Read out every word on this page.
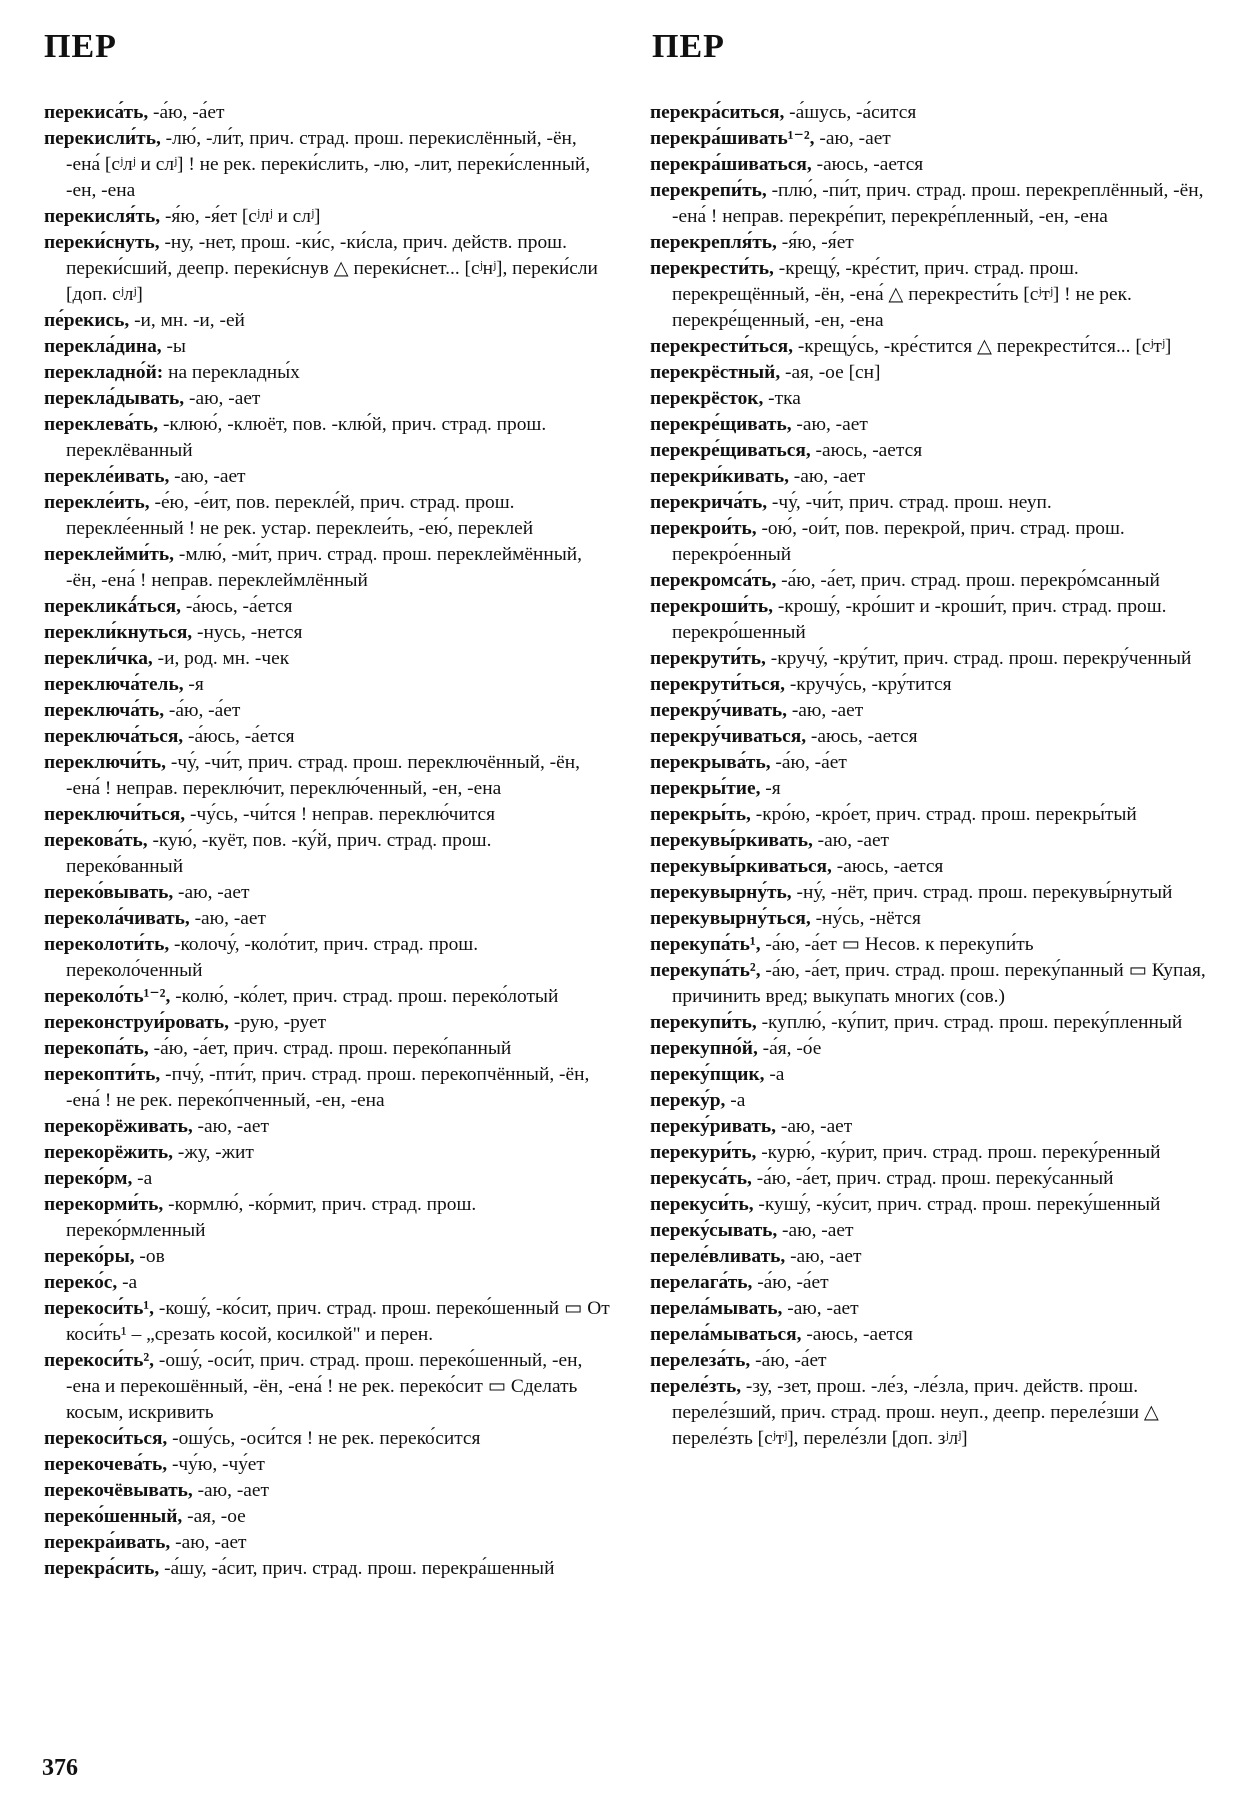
ПЕР	ПЕР

перекиса́ть, -а́ю, -а́ет

перекисли́ть, -лю́, -ли́т, прич. страд. прош. перекислённый, -ён, -ена́ [сʲлʲ и слʲ] ! не рек. переки́слить, -лю, -лит, переки́сленный, -ен, -ена

перекисля́ть, -я́ю, -я́ет [сʲлʲ и слʲ]

переки́снуть, -ну, -нет, прош. -ки́с, -ки́сла, прич. действ. прош. переки́сший, деепр. переки́снув △ переки́снет... [сʲнʲ], переки́сли [доп. сʲлʲ]

пе́рекись, -и, мн. -и, -ей

перекла́дина, -ы

перекладно́й: на перекладны́х

перекла́дывать, -аю, -ает

переклева́ть, -клюю́, -клюёт, пов. -клю́й, прич. страд. прош. переклёванный

перекле́ивать, -аю, -ает

перекле́ить, -е́ю, -е́ит, пов. перекле́й, прич. страд. прош. перекле́енный ! не рек. устар. переклеи́ть, -ею́, переклей

переклейми́ть, -млю́, -ми́т, прич. страд. прош. переклеймённый, -ён, -ена́ ! неправ. переклеймлённый

перекликá́ться, -а́юсь, -а́ется

перекли́кнуться, -нусь, -нется

перекли́чка, -и, род. мн. -чек

переключа́тель, -я

переключа́ть, -а́ю, -а́ет

переключа́ться, -а́юсь, -а́ется

переключи́ть, -чу́, -чи́т, прич. страд. прош. переключённый, -ён, -ена́ ! неправ. переклю́чит, переклю́ченный, -ен, -ена

переключи́ться, -чу́сь, -чи́тся ! неправ. переклю́чится

перекова́ть, -кую́, -куёт, пов. -ку́й, прич. страд. прош. перeко́ванный

переко́вывать, -аю, -ает

перекола́чивать, -аю, -ает

переколоти́ть, -колочу́, -коло́тит, прич. страд. прош. переколо́ченный

переколо́ть¹⁻², -колю́, -ко́лет, прич. страд. прош. перeко́лотый

переконструи́ровать, -рую, -рует

перекопа́ть, -а́ю, -а́ет, прич. страд. прош. перeко́панный

перекопти́ть, -пчу́, -пти́т, прич. страд. прош. перекопчённый, -ён, -ена́ ! не рек. перeко́пченный, -ен, -ена

перекорёживать, -аю, -ает

перекорёжить, -жу, -жит

переко́рм, -а

перекорми́ть, -кормлю́, -ко́рмит, прич. страд. прош. перeко́рмленный

переко́ры, -ов

переко́с, -а

перекоси́ть¹, -кошу́, -ко́сит, прич. страд. прош. перeко́шенный ▭ От коси́ть¹ – „срезать косой, косилкой" и перен.

перекоси́ть², -ошу́, -оси́т, прич. страд. прош. перeко́шенный, -ен, -ена и перекошённый, -ён, -ена́ ! не рек. перeко́сит ▭ Сделать косым, искривить

перекоси́ться, -ошу́сь, -оси́тся ! не рек. перeко́сится

перекочева́ть, -чу́ю, -чу́ет

перекочёвывать, -аю, -ает

переко́шенный, -ая, -ое

перекра́ивать, -аю, -ает

перекра́сить, -а́шу, -а́сит, прич. страд. прош. перекра́шенный

перекра́ситься, -а́шусь, -а́сится

перекра́шивать¹⁻², -аю, -ает

перекра́шиваться, -аюсь, -ается

перекрепи́ть, -плю́, -пи́т, прич. страд. прош. перекреплённый, -ён, -ена́ ! неправ. перекре́пит, перекре́пленный, -ен, -ена

перекрепля́ть, -я́ю, -я́ет

перекрести́ть, -крещу́, -кре́стит, прич. страд. прош. перекрещённый, -ён, -ена́ △ перекрести́ть [сʲтʲ] ! не рек. перекре́щенный, -ен, -ена

перекрести́ться, -крещу́сь, -кре́стится △ перекрести́тся... [сʲтʲ]

перекрёстный, -ая, -ое [сн]

перекрёсток, -тка

перекре́щивать, -аю, -ает

перекре́щиваться, -аюсь, -ается

перекри́кивать, -аю, -ает

перекрича́ть, -чу́, -чи́т, прич. страд. прош. неуп.

перекрои́ть, -ою́, -ои́т, пов. перекрой, прич. страд. прош. перекро́енный

перекромса́ть, -а́ю, -а́ет, прич. страд. прош. перекро́мсанный

перекроши́ть, -крошу́, -кро́шит и -кроши́т, прич. страд. прош. перекро́шенный

перекрути́ть, -кручу́, -кру́тит, прич. страд. прош. перекру́ченный

перекрути́ться, -кручу́сь, -кру́тится

перекру́чивать, -аю, -ает

перекру́чиваться, -аюсь, -ается

перекрыва́ть, -а́ю, -а́ет

перекры́тие, -я

перекры́ть, -кро́ю, -кро́ет, прич. страд. прош. перекры́тый

перекувы́ркивать, -аю, -ает

перекувы́ркиваться, -аюсь, -ается

перекувырну́ть, -ну́, -нёт, прич. страд. прош. перекувы́рнутый

перекувырну́ться, -ну́сь, -нётся

перекупа́ть¹, -а́ю, -а́ет ▭ Несов. к перекупи́ть

перекупа́ть², -а́ю, -а́ет, прич. страд. прош. переку́панный ▭ Купая, причинить вред; выкупать многих (сов.)

перекупи́ть, -куплю́, -ку́пит, прич. страд. прош. переку́пленный

перекупно́й, -а́я, -о́е

переку́пщик, -а

переку́р, -а

переку́ривать, -аю, -ает

перекури́ть, -курю́, -ку́рит, прич. страд. прош. переку́ренный

перекуса́ть, -а́ю, -а́ет, прич. страд. прош. переку́санный

перекуси́ть, -кушу́, -ку́сит, прич. страд. прош. переку́шенный

переку́сывать, -аю, -ает

переле́вливать, -аю, -ает

перелага́ть, -а́ю, -а́ет

перела́мывать, -аю, -ает

перела́мываться, -аюсь, -ается

перелеза́ть, -а́ю, -а́ет

переле́зть, -зу, -зет, прош. -ле́з, -ле́зла, прич. действ. прош. переле́зший, прич. страд. прош. неуп., деепр. переле́зши △ переле́зть [сʲтʲ], переле́зли [доп. зʲлʲ]

376
